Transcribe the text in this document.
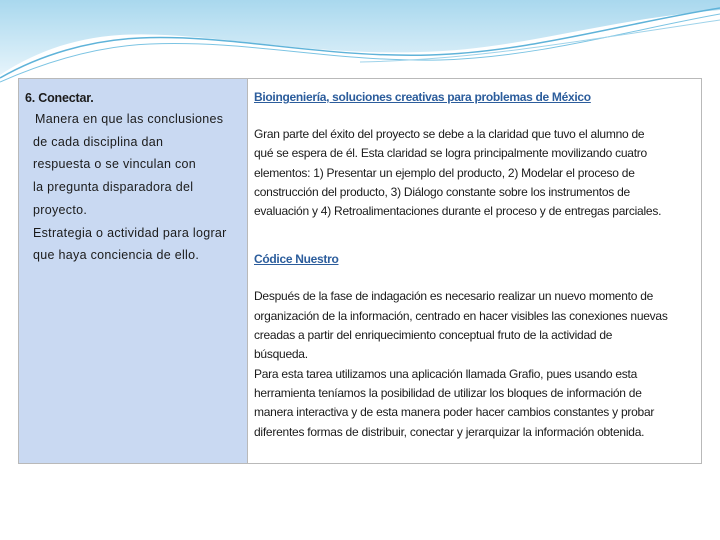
6. Conectar.

Manera en que las conclusiones
de cada disciplina dan
respuesta o se vinculan con
la pregunta disparadora del
proyecto.
Estrategia o actividad para lograr
que haya conciencia de ello.

Bioingeniería, soluciones creativas para problemas de México

Gran parte del éxito del proyecto se debe a la claridad que tuvo el alumno de
qué se espera de él. Esta claridad se logra principalmente movilizando cuatro
elementos: 1) Presentar un ejemplo del producto, 2) Modelar el proceso de
construcción del producto, 3) Diálogo constante sobre los instrumentos de
evaluación y 4) Retroalimentaciones durante el proceso y de entregas parciales.

Códice Nuestro

Después de la fase de indagación es necesario realizar un nuevo momento de
organización de la información, centrado en hacer visibles las conexiones nuevas
creadas a partir del enriquecimiento conceptual fruto de la actividad de
búsqueda.
Para esta tarea utilizamos una aplicación llamada Grafio, pues usando esta
herramienta teníamos la posibilidad de utilizar los bloques de información de
manera interactiva y de esta manera poder hacer cambios constantes y probar
diferentes formas de distribuir, conectar y jerarquizar la información obtenida.
